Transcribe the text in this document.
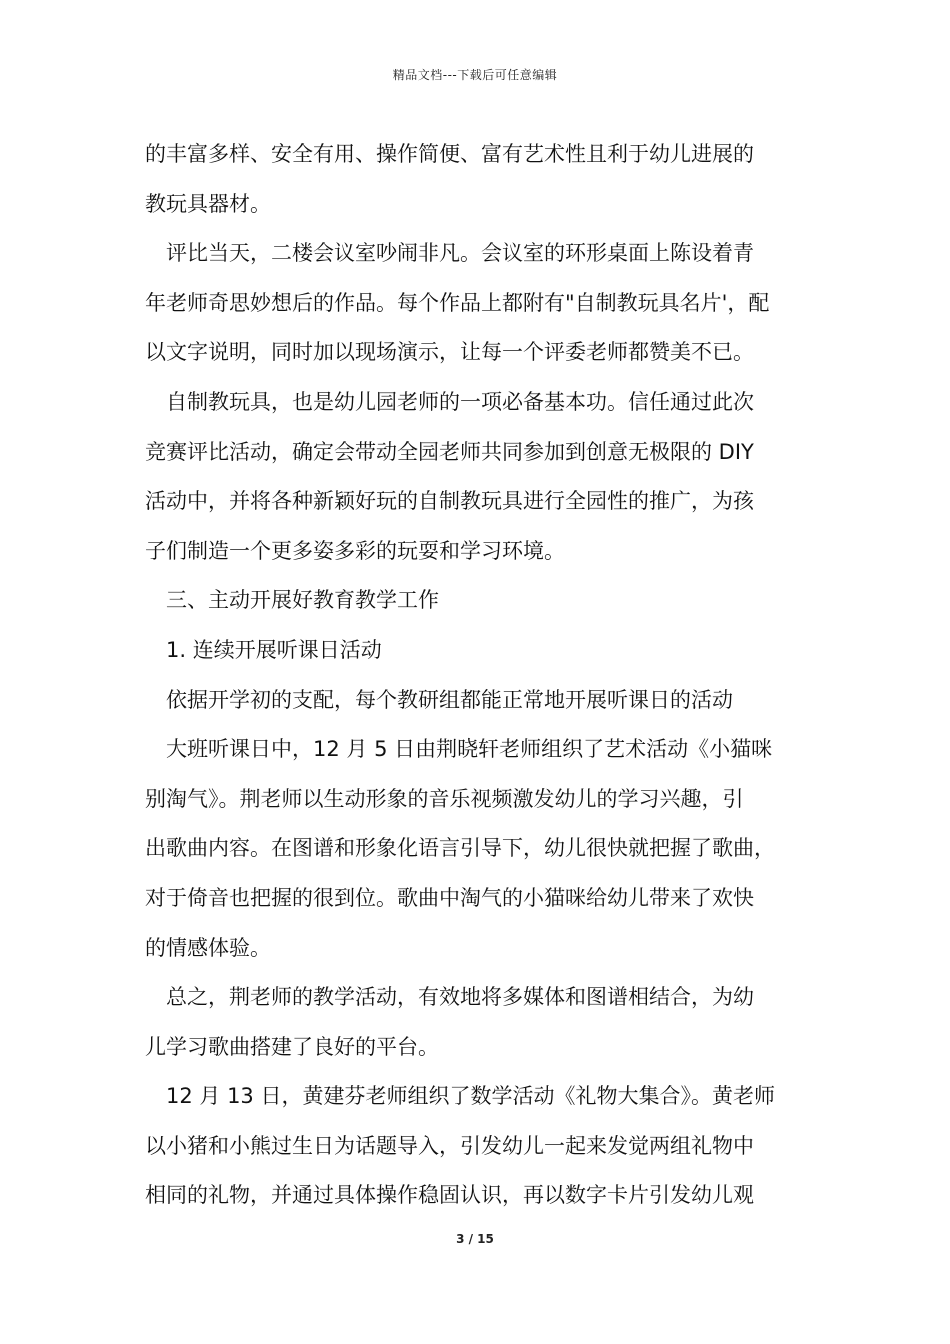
精品文档---下载后可任意编辑
的丰富多样、安全有用、操作简便、富有艺术性且利于幼儿进展的
教玩具器材。
评比当天，二楼会议室吵闹非凡。会议室的环形桌面上陈设着青
年老师奇思妙想后的作品。每个作品上都附有"自制教玩具名片'，配
以文字说明，同时加以现场演示，让每一个评委老师都赞美不已。
自制教玩具，也是幼儿园老师的一项必备基本功。信任通过此次
竞赛评比活动，确定会带动全园老师共同参加到创意无极限的 DIY
活动中，并将各种新颖好玩的自制教玩具进行全园性的推广，为孩
子们制造一个更多姿多彩的玩耍和学习环境。
三、主动开展好教育教学工作
1. 连续开展听课日活动
依据开学初的支配，每个教研组都能正常地开展听课日的活动
大班听课日中，12 月 5 日由荆晓轩老师组织了艺术活动《小猫咪
别淘气》。荆老师以生动形象的音乐视频激发幼儿的学习兴趣，引
出歌曲内容。在图谱和形象化语言引导下，幼儿很快就把握了歌曲，
对于倚音也把握的很到位。歌曲中淘气的小猫咪给幼儿带来了欢快
的情感体验。
总之，荆老师的教学活动，有效地将多媒体和图谱相结合，为幼
儿学习歌曲搭建了良好的平台。
12 月 13 日，黄建芬老师组织了数学活动《礼物大集合》。黄老师
以小猪和小熊过生日为话题导入，引发幼儿一起来发觉两组礼物中
相同的礼物，并通过具体操作稳固认识，再以数字卡片引发幼儿观
3 / 15
